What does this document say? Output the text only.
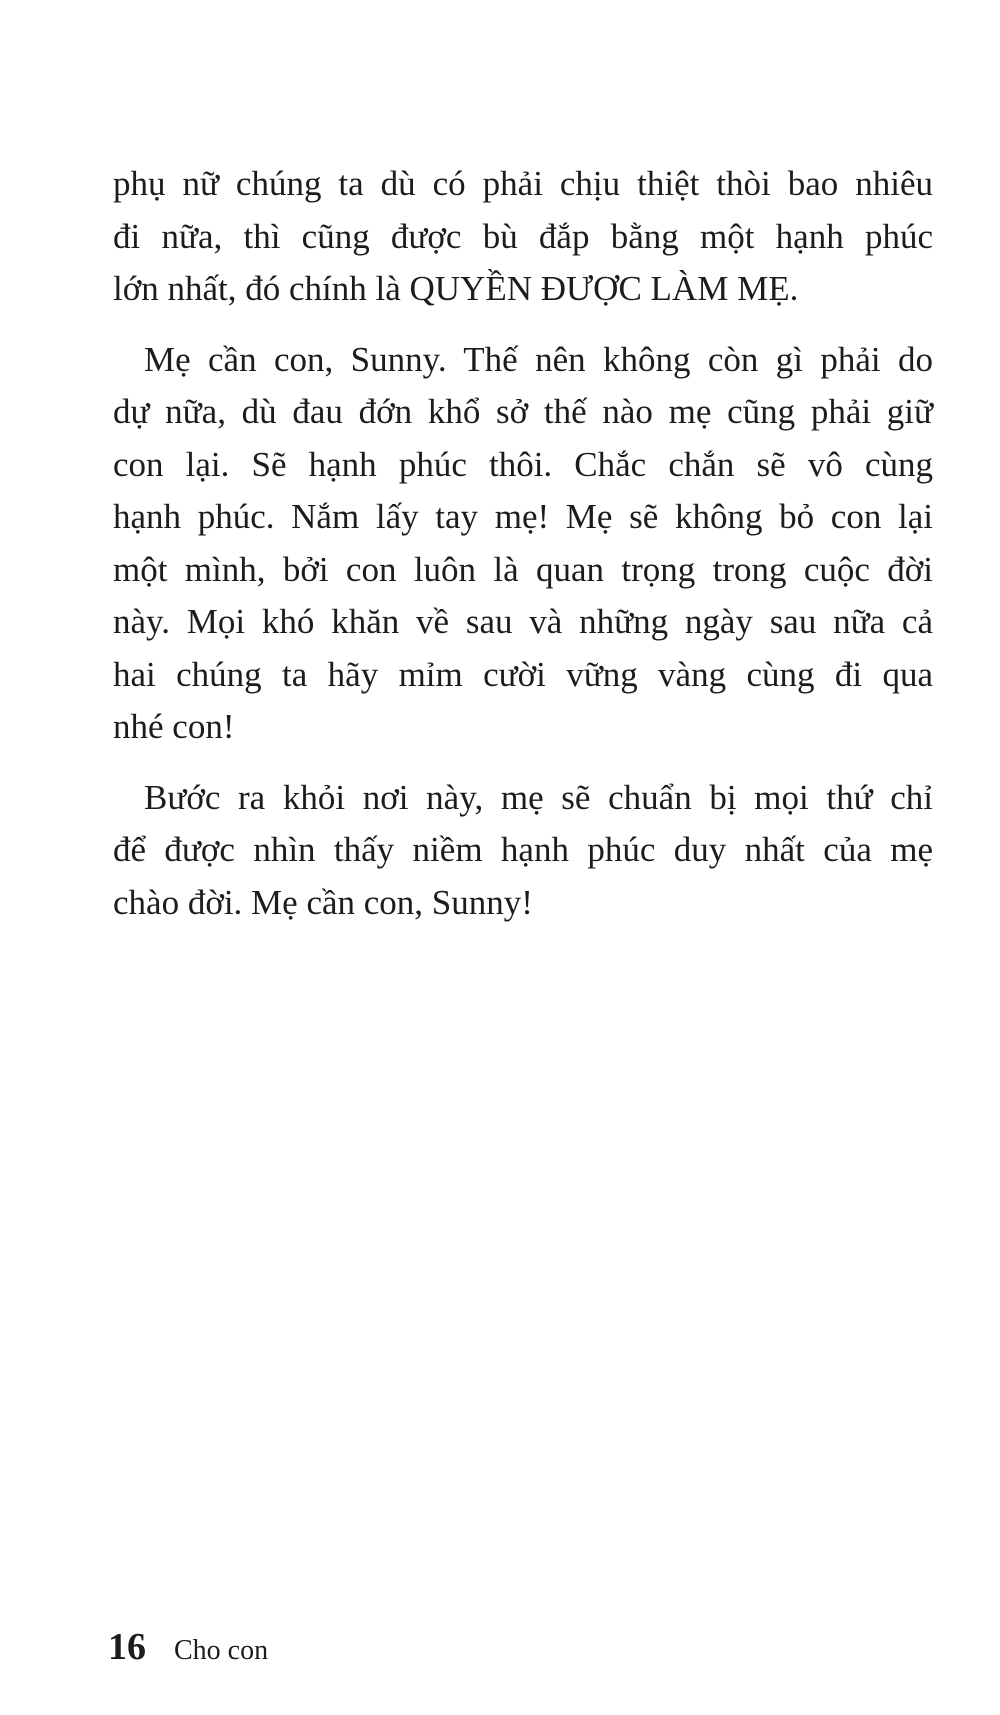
phụ nữ chúng ta dù có phải chịu thiệt thòi bao nhiêu
đi nữa, thì cũng được bù đắp bằng một hạnh phúc
lớn nhất, đó chính là QUYỀN ĐƯỢC LÀM MẸ.
Mẹ cần con, Sunny. Thế nên không còn gì phải do
dự nữa, dù đau đớn khổ sở thế nào mẹ cũng phải giữ
con lại. Sẽ hạnh phúc thôi. Chắc chắn sẽ vô cùng
hạnh phúc. Nắm lấy tay mẹ! Mẹ sẽ không bỏ con lại
một mình, bởi con luôn là quan trọng trong cuộc đời
này. Mọi khó khăn về sau và những ngày sau nữa cả
hai chúng ta hãy mỉm cười vững vàng cùng đi qua
nhé con!
Bước ra khỏi nơi này, mẹ sẽ chuẩn bị mọi thứ chỉ
để được nhìn thấy niềm hạnh phúc duy nhất của mẹ
chào đời. Mẹ cần con, Sunny!
16 Cho con
